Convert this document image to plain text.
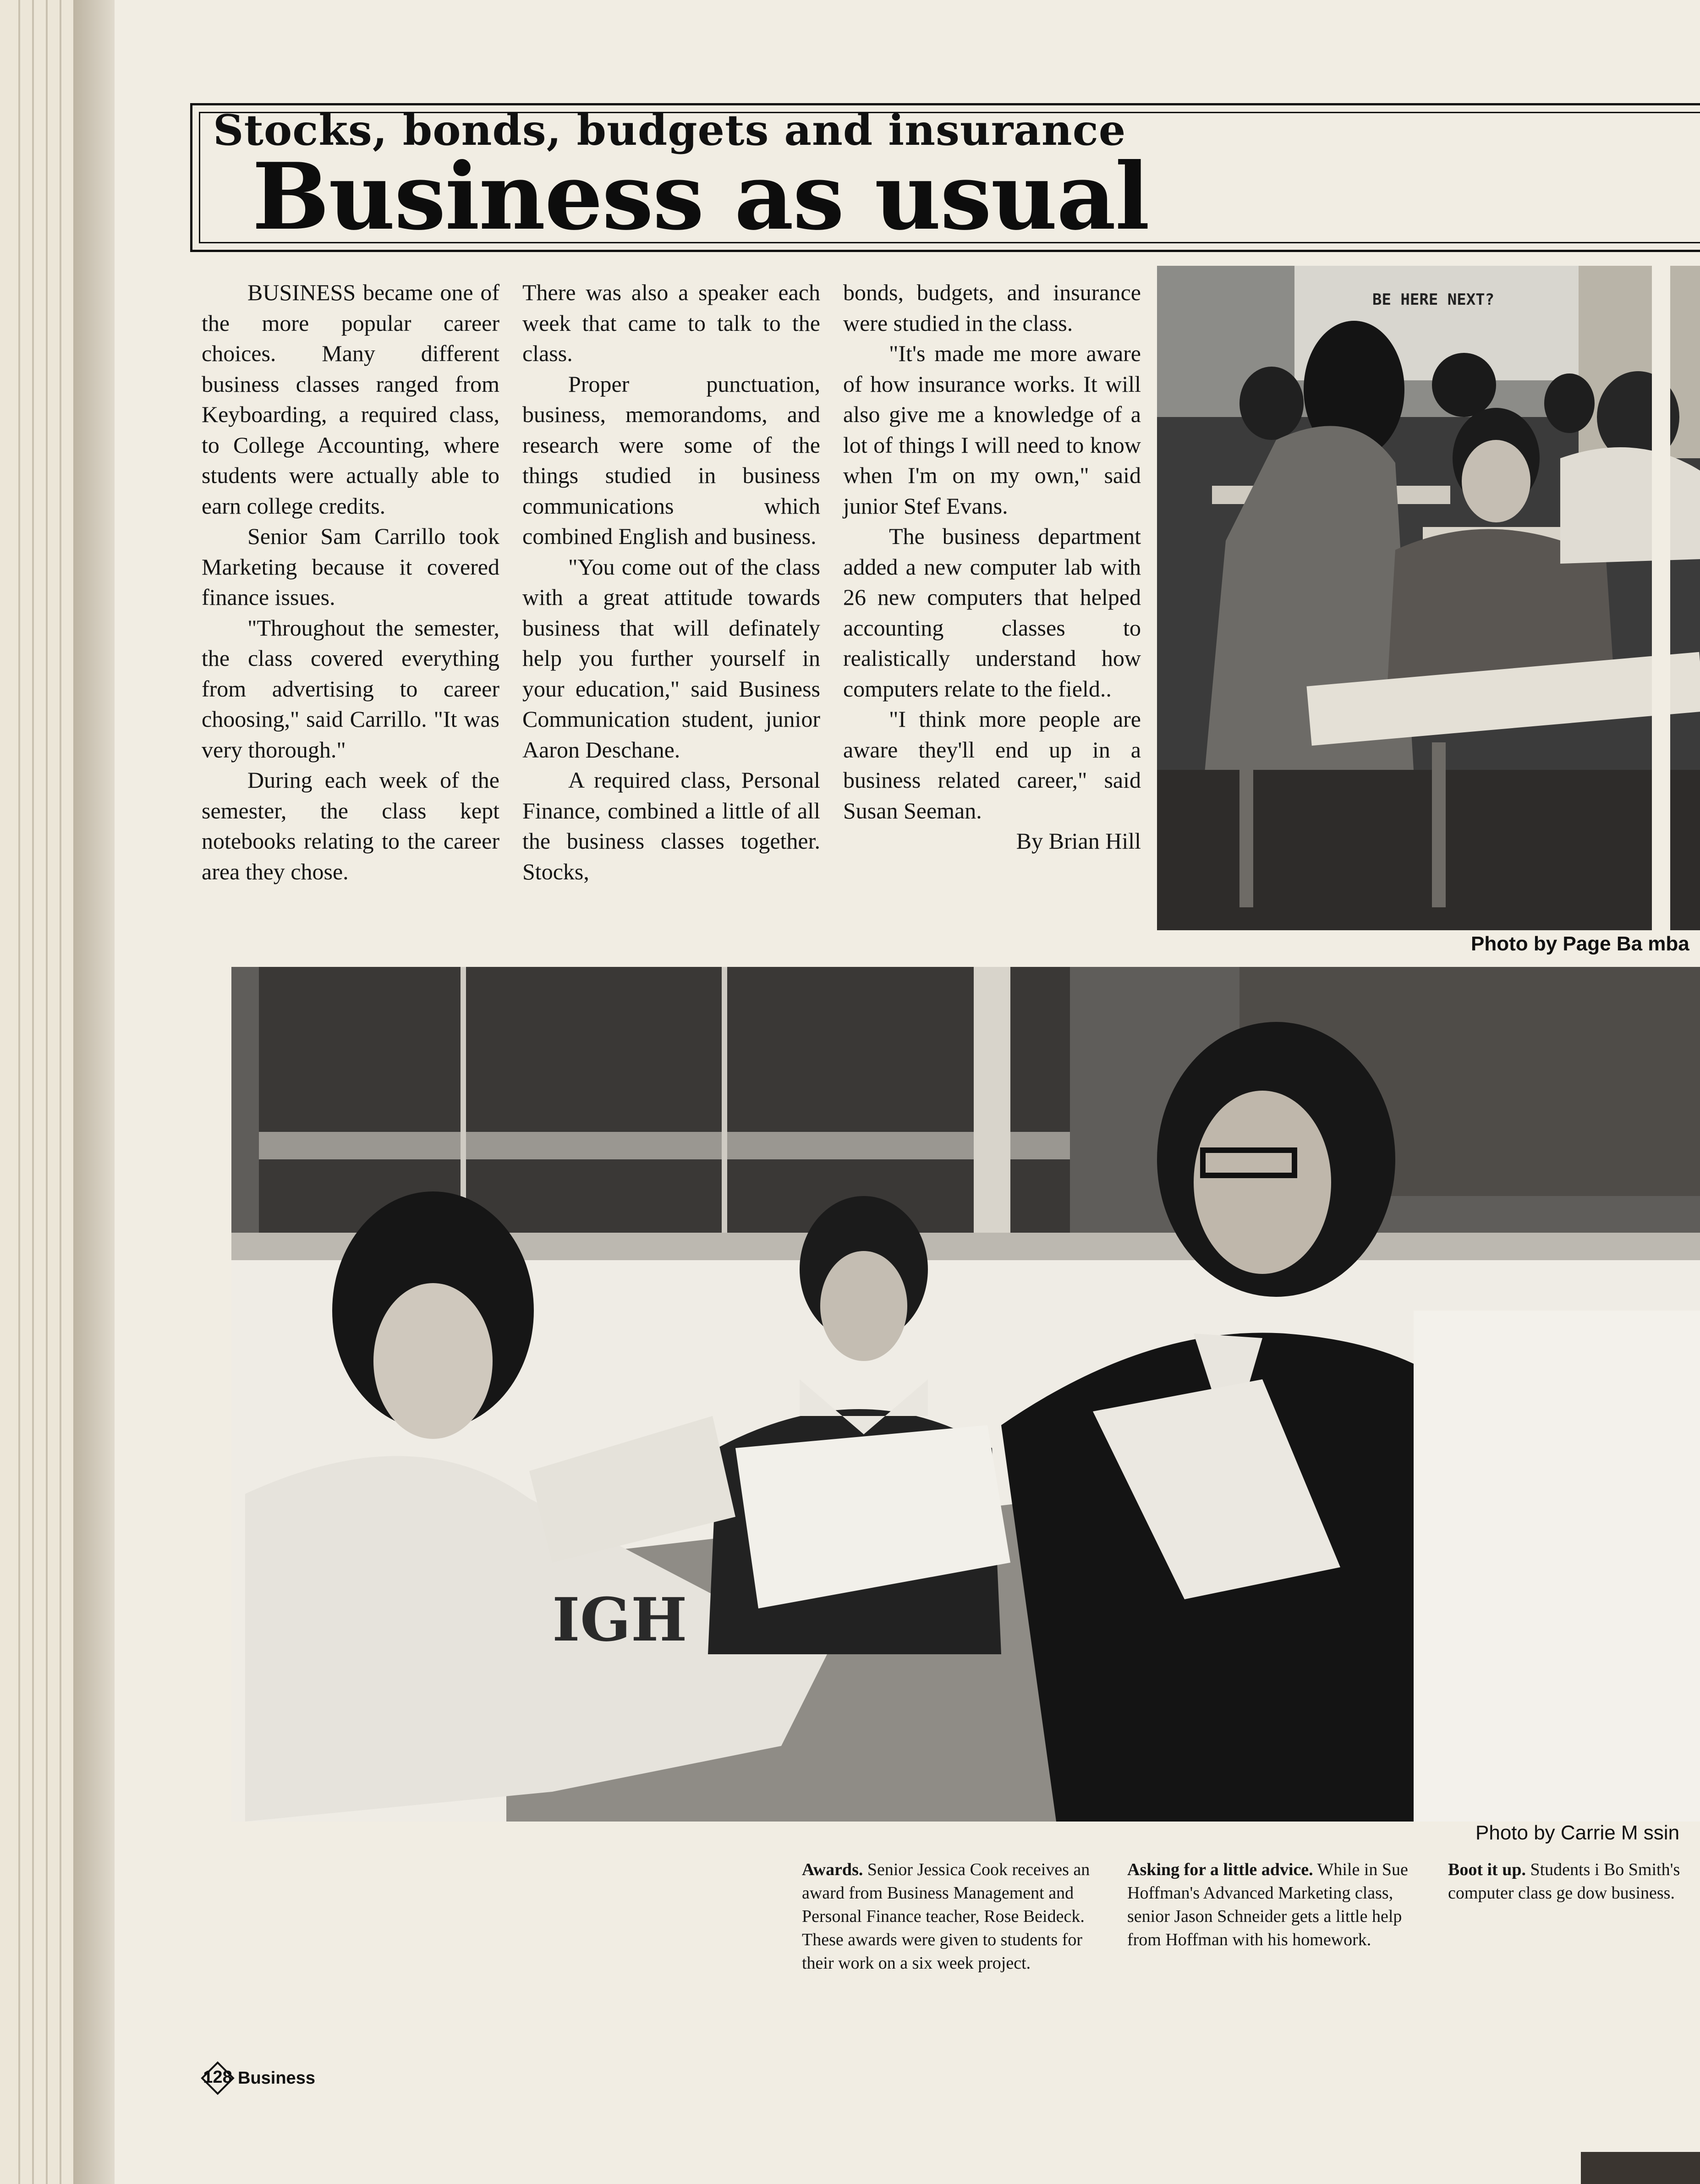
Stocks, bonds, budgets and insurance
Business as usual

BUSINESS became one of the more popular career choices. Many different business classes ranged from Keyboarding, a required class, to College Accounting, where students were actually able to earn college credits.

Senior Sam Carrillo took Marketing because it covered finance issues.

"Throughout the semester, the class covered everything from advertising to career choosing," said Carrillo. "It was very thorough."

During each week of the semester, the class kept notebooks relating to the career area they chose.

There was also a speaker each week that came to talk to the class.

Proper punctuation, business, memorandoms, and research were some of the things studied in business communications which combined English and business.

"You come out of the class with a great attitude towards business that will definately help you further yourself in your education," said Business Communication student, junior Aaron Deschane.

A required class, Personal Finance, combined a little of all the business classes together. Stocks,

bonds, budgets, and insurance were studied in the class.

"It's made me more aware of how insurance works. It will also give me a knowledge of a lot of things I will need to know when I'm on my own," said junior Stef Evans.

The business department added a new computer lab with 26 new computers that helped accounting classes to realistically understand how computers relate to the field..

"I think more people are aware they'll end up in a business related career," said Susan Seeman.

By Brian Hill

BE HERE NEXT?
Photo by Page Ba mba
IGH
Photo by Carrie M ssin
Awards. Senior Jessica Cook receives an award from Business Management and Personal Finance teacher, Rose Beideck. These awards were given to students for their work on a six week project.
Asking for a little advice. While in Sue Hoffman's Advanced Marketing class, senior Jason Schneider gets a little help from Hoffman with his homework.
Boot it up. Students i Bo Smith's computer class ge dow business.
128 Business
